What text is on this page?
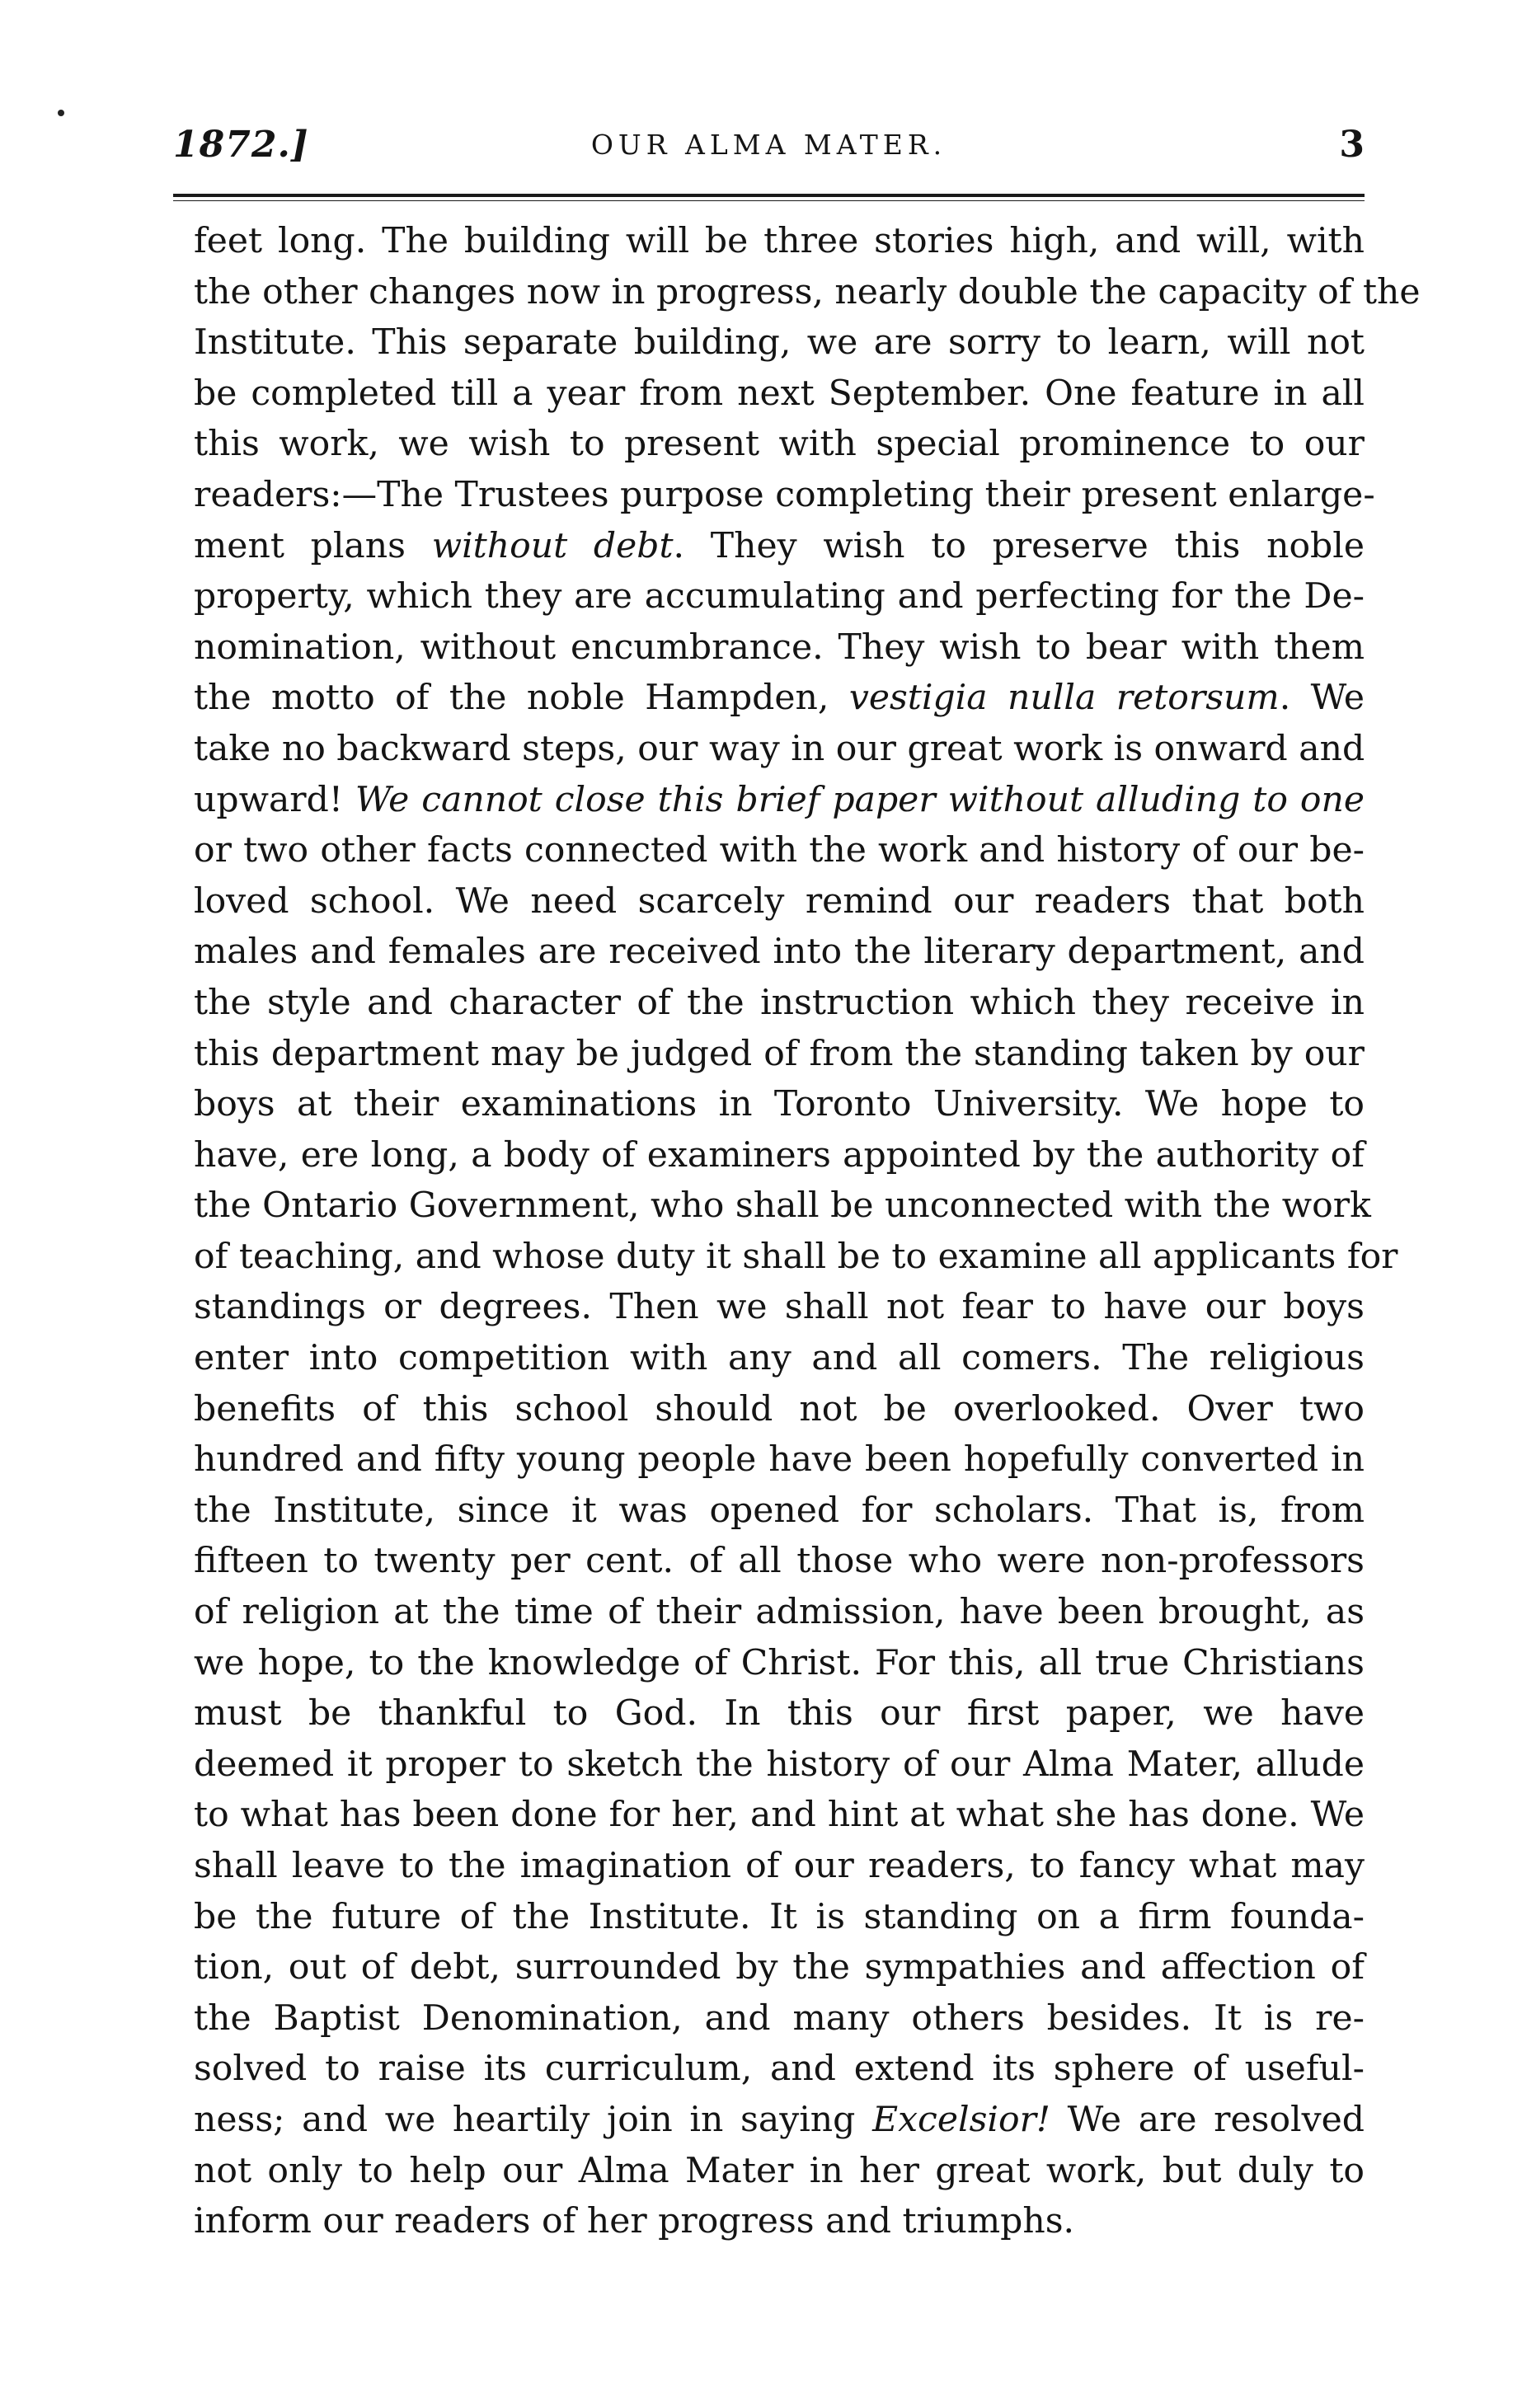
1872.]	OUR ALMA MATER.	3
feet long. The building will be three stories high, and will, with
the other changes now in progress, nearly double the capacity of the
Institute. This separate building, we are sorry to learn, will not
be completed till a year from next September. One feature in all
this work, we wish to present with special prominence to our
readers:—The Trustees purpose completing their present enlarge-
ment plans without debt. They wish to preserve this noble
property, which they are accumulating and perfecting for the De-
nomination, without encumbrance. They wish to bear with them
the motto of the noble Hampden, vestigia nulla retorsum. We
take no backward steps, our way in our great work is onward and
upward! We cannot close this brief paper without alluding to one
or two other facts connected with the work and history of our be-
loved school. We need scarcely remind our readers that both
males and females are received into the literary department, and
the style and character of the instruction which they receive in
this department may be judged of from the standing taken by our
boys at their examinations in Toronto University. We hope to
have, ere long, a body of examiners appointed by the authority of
the Ontario Government, who shall be unconnected with the work
of teaching, and whose duty it shall be to examine all applicants for
standings or degrees. Then we shall not fear to have our boys
enter into competition with any and all comers. The religious
benefits of this school should not be overlooked. Over two
hundred and fifty young people have been hopefully converted in
the Institute, since it was opened for scholars. That is, from
fifteen to twenty per cent. of all those who were non-professors
of religion at the time of their admission, have been brought, as
we hope, to the knowledge of Christ. For this, all true Christians
must be thankful to God. In this our first paper, we have
deemed it proper to sketch the history of our Alma Mater, allude
to what has been done for her, and hint at what she has done. We
shall leave to the imagination of our readers, to fancy what may
be the future of the Institute. It is standing on a firm founda-
tion, out of debt, surrounded by the sympathies and affection of
the Baptist Denomination, and many others besides. It is re-
solved to raise its curriculum, and extend its sphere of useful-
ness; and we heartily join in saying Excelsior! We are resolved
not only to help our Alma Mater in her great work, but duly to
inform our readers of her progress and triumphs.
